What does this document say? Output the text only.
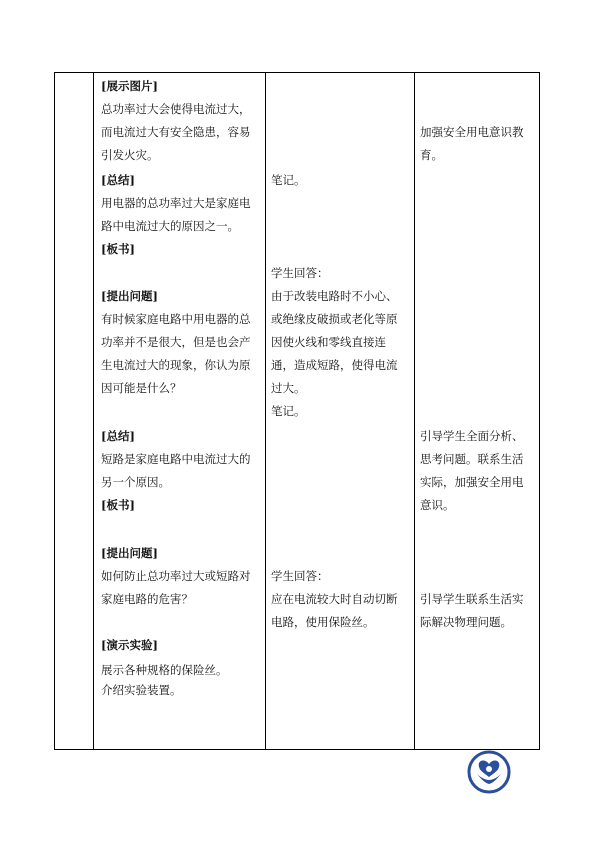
[展示图片]
总功率过大会使得电流过大，
而电流过大有安全隐患，容易
引发火灾。
[总结]
用电器的总功率过大是家庭电
路中电流过大的原因之一。
[板书]
[提出问题]
有时候家庭电路中用电器的总
功率并不是很大，但是也会产
生电流过大的现象，你认为原
因可能是什么？
[总结]
短路是家庭电路中电流过大的
另一个原因。
[板书]
[提出问题]
如何防止总功率过大或短路对
家庭电路的危害？
[演示实验]
展示各种规格的保险丝。
介绍实验装置。
笔记。
学生回答：
由于改装电路时不小心、
或绝缘皮破损或老化等原
因使火线和零线直接连
通，造成短路，使得电流
过大。
笔记。
学生回答：
应在电流较大时自动切断
电路，使用保险丝。
加强安全用电意识教
育。
引导学生全面分析、
思考问题。联系生活
实际，加强安全用电
意识。
引导学生联系生活实
际解决物理问题。
